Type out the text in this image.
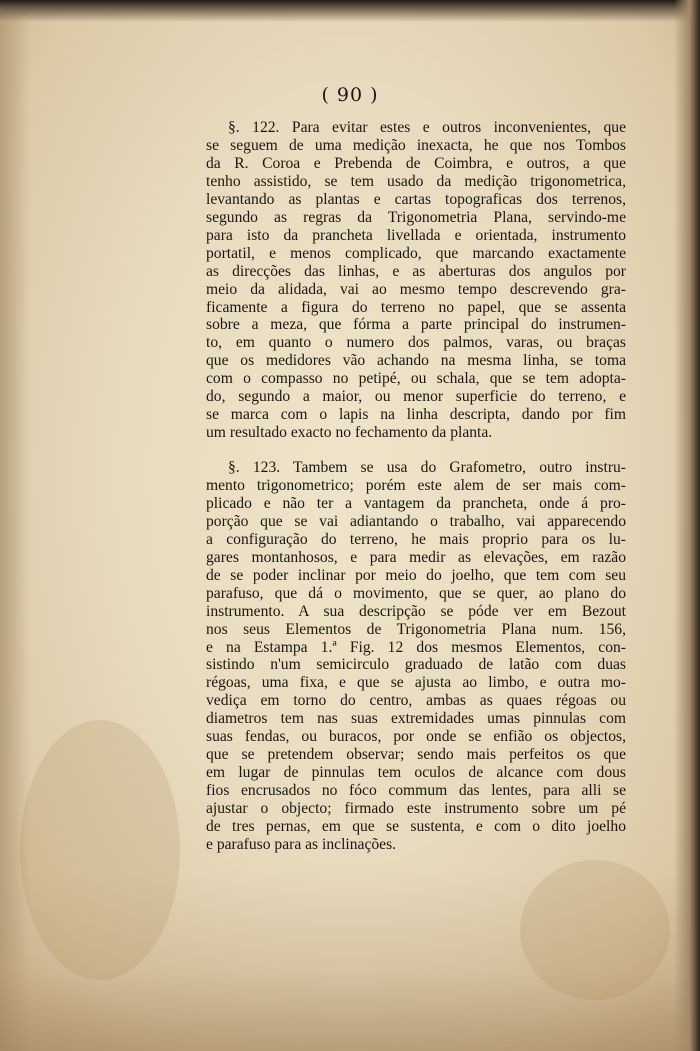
( 90 )
§. 122. Para evitar estes e outros inconvenientes, que
se seguem de uma medição inexacta, he que nos Tombos
da R. Coroa e Prebenda de Coimbra, e outros, a que
tenho assistido, se tem usado da medição trigonometrica,
levantando as plantas e cartas topograficas dos terrenos,
segundo as regras da Trigonometria Plana, servindo-me
para isto da prancheta livellada e orientada, instrumento
portatil, e menos complicado, que marcando exactamente
as direcções das linhas, e as aberturas dos angulos por
meio da alidada, vai ao mesmo tempo descrevendo gra-
ficamente a figura do terreno no papel, que se assenta
sobre a meza, que fórma a parte principal do instrumen-
to, em quanto o numero dos palmos, varas, ou braças
que os medidores vão achando na mesma linha, se toma
com o compasso no petipé, ou schala, que se tem adopta-
do, segundo a maior, ou menor superficie do terreno, e
se marca com o lapis na linha descripta, dando por fim
um resultado exacto no fechamento da planta.
§. 123. Tambem se usa do Grafometro, outro instru-
mento trigonometrico; porém este alem de ser mais com-
plicado e não ter a vantagem da prancheta, onde á pro-
porção que se vai adiantando o trabalho, vai apparecendo
a configuração do terreno, he mais proprio para os lu-
gares montanhosos, e para medir as elevações, em razão
de se poder inclinar por meio do joelho, que tem com seu
parafuso, que dá o movimento, que se quer, ao plano do
instrumento. A sua descripção se póde ver em Bezout
nos seus Elementos de Trigonometria Plana num. 156,
e na Estampa 1.ª Fig. 12 dos mesmos Elementos, con-
sistindo n'um semicirculo graduado de latão com duas
régoas, uma fixa, e que se ajusta ao limbo, e outra mo-
vediça em torno do centro, ambas as quaes régoas ou
diametros tem nas suas extremidades umas pinnulas com
suas fendas, ou buracos, por onde se enfião os objectos,
que se pretendem observar; sendo mais perfeitos os que
em lugar de pinnulas tem oculos de alcance com dous
fios encrusados no fóco commum das lentes, para alli se
ajustar o objecto; firmado este instrumento sobre um pé
de tres pernas, em que se sustenta, e com o dito joelho
e parafuso para as inclinações.
